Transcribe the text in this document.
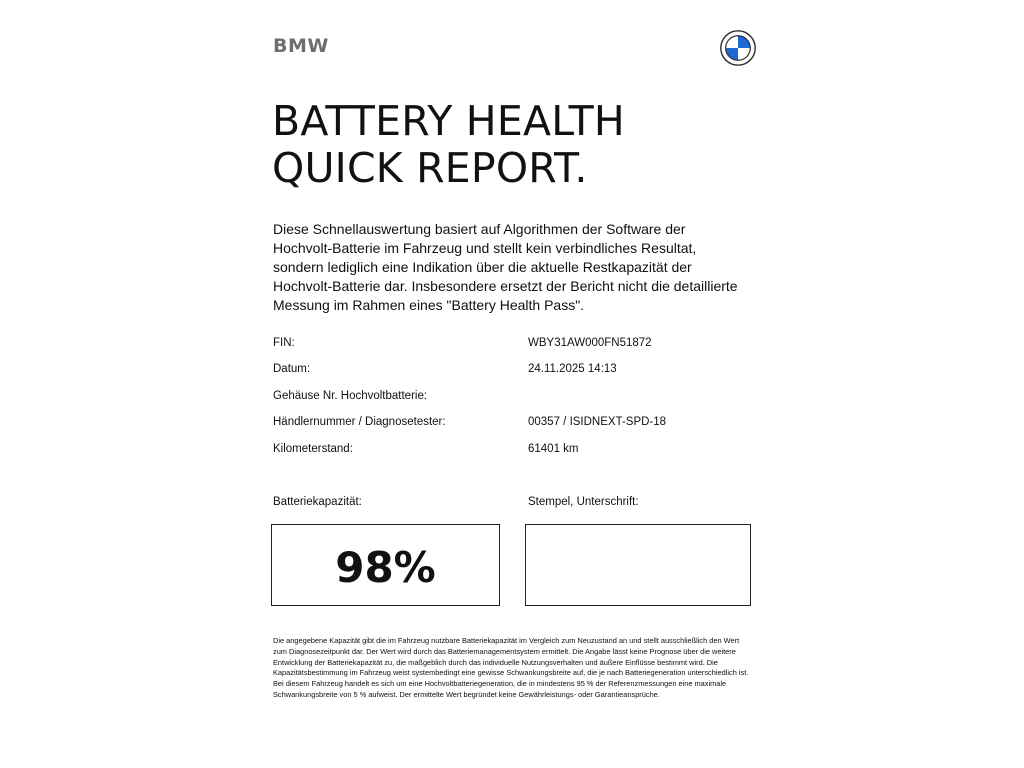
BMW
BATTERY HEALTH
QUICK REPORT.

Diese Schnellauswertung basiert auf Algorithmen der Software der Hochvolt-Batterie im Fahrzeug und stellt kein verbindliches Resultat, sondern lediglich eine Indikation über die aktuelle Restkapazität der Hochvolt-Batterie dar. Insbesondere ersetzt der Bericht nicht die detaillierte Messung im Rahmen eines "Battery Health Pass".

FIN:	WBY31AW000FN51872
Datum:	24.11.2025 14:13
Gehäuse Nr. Hochvoltbatterie:
Händlernummer / Diagnosetester:	00357 / ISIDNEXT-SPD-18
Kilometerstand:	61401 km
Batteriekapazität:	Stempel, Unterschrift:
98%

Die angegebene Kapazität gibt die im Fahrzeug nutzbare Batteriekapazität im Vergleich zum Neuzustand an und stellt ausschließlich den Wert zum Diagnosezeitpunkt dar. Der Wert wird durch das Batteriemanagementsystem ermittelt. Die Angabe lässt keine Prognose über die weitere Entwicklung der Batteriekapazität zu, die maßgeblich durch das individuelle Nutzungsverhalten und äußere Einflüsse bestimmt wird. Die Kapazitätsbestimmung im Fahrzeug weist systembedingt eine gewisse Schwankungsbreite auf, die je nach Batteriegeneration unterschiedlich ist. Bei diesem Fahrzeug handelt es sich um eine Hochvoltbatteriegeneration, die in mindestens 95 % der Referenzmessungen eine maximale Schwankungsbreite von 5 % aufweist. Der ermittelte Wert begründet keine Gewährleistungs- oder Garantieansprüche.
